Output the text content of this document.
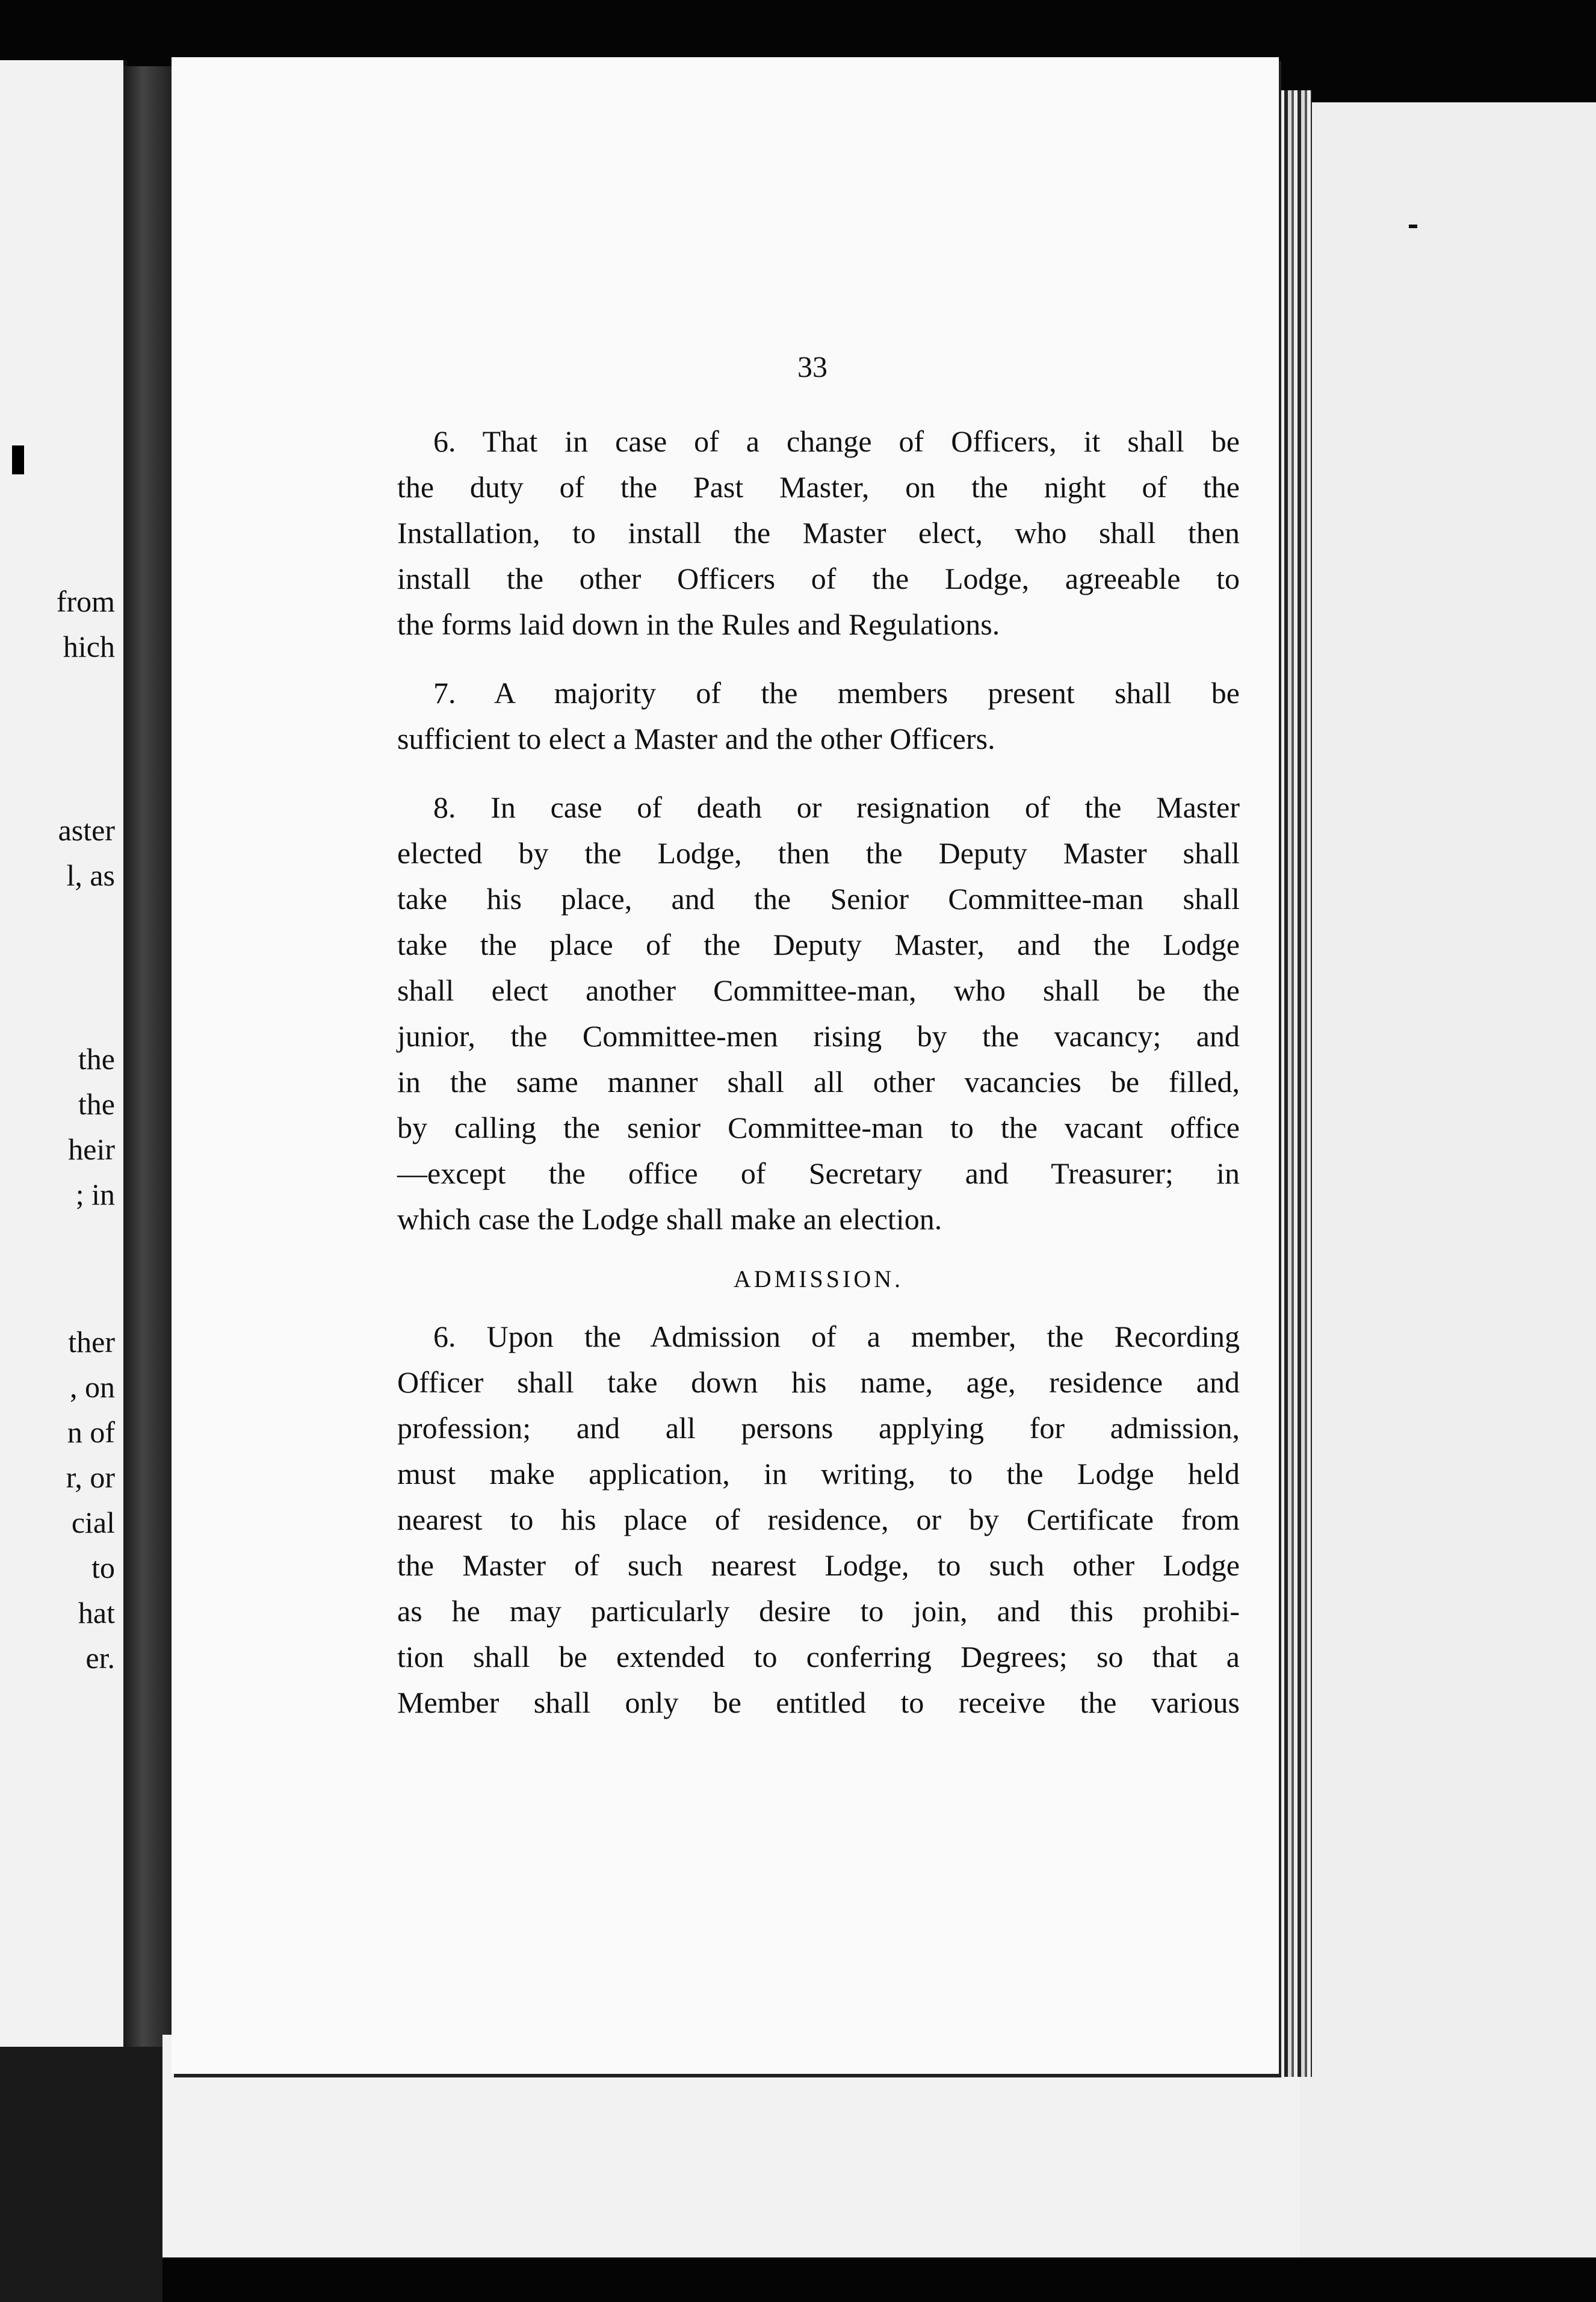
from
hich
aster
l, as
the
the
heir
; in
ther
, on
n of
r, or
cial
to
hat
er.
33
6. That in case of a change of Officers, it shall be
the duty of the Past Master, on the night of the
Installation, to install the Master elect, who shall then
install the other Officers of the Lodge, agreeable to
the forms laid down in the Rules and Regulations.
7. A majority of the members present shall be
sufficient to elect a Master and the other Officers.
8. In case of death or resignation of the Master
elected by the Lodge, then the Deputy Master shall
take his place, and the Senior Committee-man shall
take the place of the Deputy Master, and the Lodge
shall elect another Committee-man, who shall be the
junior, the Committee-men rising by the vacancy; and
in the same manner shall all other vacancies be filled,
by calling the senior Committee-man to the vacant office
—except the office of Secretary and Treasurer; in
which case the Lodge shall make an election.
ADMISSION.
6. Upon the Admission of a member, the Recording
Officer shall take down his name, age, residence and
profession; and all persons applying for admission,
must make application, in writing, to the Lodge held
nearest to his place of residence, or by Certificate from
the Master of such nearest Lodge, to such other Lodge
as he may particularly desire to join, and this prohibi-
tion shall be extended to conferring Degrees; so that a
Member shall only be entitled to receive the various
